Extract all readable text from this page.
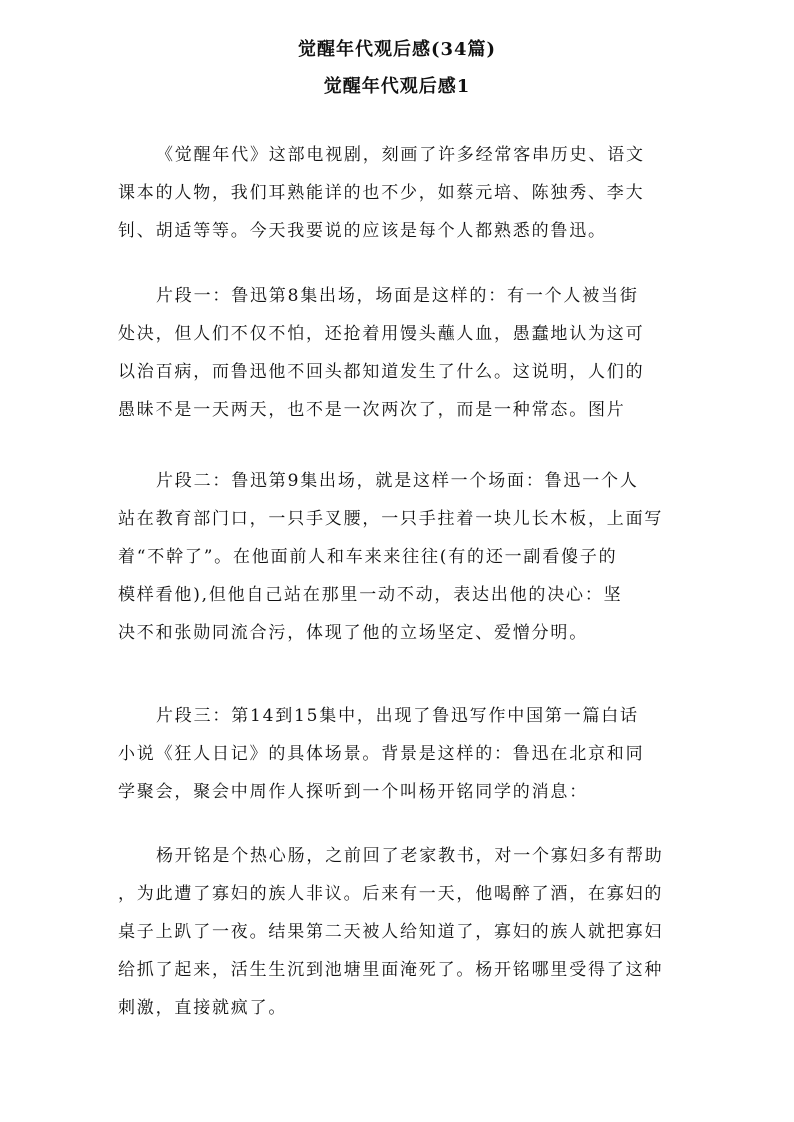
觉醒年代观后感(34篇)
觉醒年代观后感1
《觉醒年代》这部电视剧，刻画了许多经常客串历史、语文
课本的人物，我们耳熟能详的也不少，如蔡元培、陈独秀、李大
钊、胡适等等。今天我要说的应该是每个人都熟悉的鲁迅。
片段一：鲁迅第8集出场，场面是这样的：有一个人被当街
处决，但人们不仅不怕，还抢着用馒头蘸人血，愚蠢地认为这可
以治百病，而鲁迅他不回头都知道发生了什么。这说明，人们的
愚昧不是一天两天，也不是一次两次了，而是一种常态。图片
片段二：鲁迅第9集出场，就是这样一个场面：鲁迅一个人
站在教育部门口，一只手叉腰，一只手拄着一块儿长木板，上面写
着“不幹了”。在他面前人和车来来往往(有的还一副看傻子的
模样看他),但他自己站在那里一动不动，表达出他的决心：坚
决不和张勋同流合污，体现了他的立场坚定、爱憎分明。
片段三：第14到15集中，出现了鲁迅写作中国第一篇白话
小说《狂人日记》的具体场景。背景是这样的：鲁迅在北京和同
学聚会，聚会中周作人探听到一个叫杨开铭同学的消息：
杨开铭是个热心肠，之前回了老家教书，对一个寡妇多有帮助
，为此遭了寡妇的族人非议。后来有一天，他喝醉了酒，在寡妇的
桌子上趴了一夜。结果第二天被人给知道了，寡妇的族人就把寡妇
给抓了起来，活生生沉到池塘里面淹死了。杨开铭哪里受得了这种
刺激，直接就疯了。
